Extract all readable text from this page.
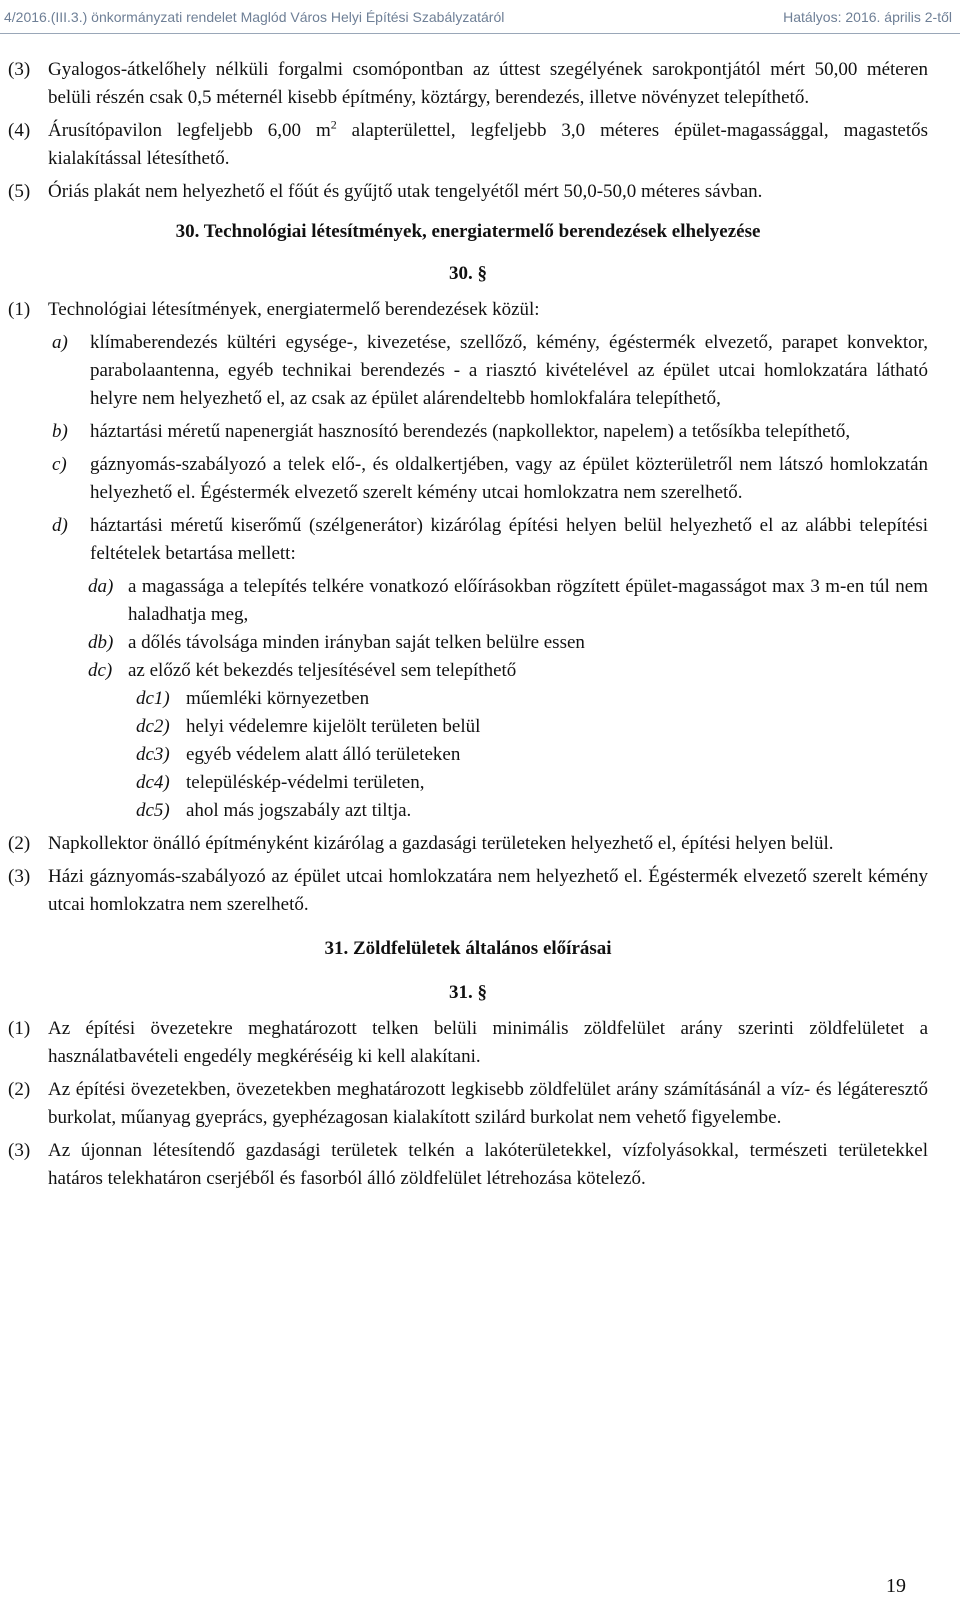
4/2016.(III.3.) önkormányzati rendelet Maglód Város Helyi Építési Szabályzatáról	Hatályos: 2016. április 2-től
(3) Gyalogos-átkelőhely nélküli forgalmi csomópontban az úttest szegélyének sarokpontjától mért 50,00 méteren belüli részén csak 0,5 méternél kisebb építmény, köztárgy, berendezés, illetve növényzet telepíthető.
(4) Árusítópavilon legfeljebb 6,00 $m^2$ alapterülettel, legfeljebb 3,0 méteres épület-magassággal, magastetős kialakítással létesíthető.
(5) Óriás plakát nem helyezhető el főút és gyűjtő utak tengelyétől mért 50,0-50,0 méteres sávban.
30. Technológiai létesítmények, energiatermelő berendezések elhelyezése
30. §
(1) Technológiai létesítmények, energiatermelő berendezések közül:
a)	klímaberendezés kültéri egysége-, kivezetése, szellőző, kémény, égéstermék elvezető, parapet konvektor, parabolaantenna, egyéb technikai berendezés - a riasztó kivételével az épület utcai homlokzatára látható helyre nem helyezhető el, az csak az épület alárendeltebb homlokfalára telepíthető,
b)	háztartási méretű napenergiát hasznosító berendezés (napkollektor, napelem) a tetősíkba telepíthető,
c)	gáznyomás-szabályozó a telek elő-, és oldalkertjében, vagy az épület közterületről nem látszó homlokzatán helyezhető el. Égéstermék elvezető szerelt kémény utcai homlokzatra nem szerelhető.
d)	háztartási méretű kiserőmű (szélgenerátor) kizárólag építési helyen belül helyezhető el az alábbi telepítési feltételek betartása mellett:
da) a magassága a telepítés telkére vonatkozó előírásokban rögzített épület-magasságot max 3 m-en túl nem haladhatja meg,
db) a dőlés távolsága minden irányban saját telken belülre essen
dc) az előző két bekezdés teljesítésével sem telepíthető
dc1) műemléki környezetben
dc2) helyi védelemre kijelölt területen belül
dc3) egyéb védelem alatt álló területeken
dc4) településkép-védelmi területen,
dc5) ahol más jogszabály azt tiltja.
(2) Napkollektor önálló építményként kizárólag a gazdasági területeken helyezhető el, építési helyen belül.
(3) Házi gáznyomás-szabályozó az épület utcai homlokzatára nem helyezhető el. Égéstermék elvezető szerelt kémény utcai homlokzatra nem szerelhető.
31. Zöldfelületek általános előírásai
31. §
(1) Az építési övezetekre meghatározott telken belüli minimális zöldfelület arány szerinti zöldfelületet a használatbavételi engedély megkéréséig ki kell alakítani.
(2) Az építési övezetekben, övezetekben meghatározott legkisebb zöldfelület arány számításánál a víz- és légáteresztő burkolat, műanyag gyeprács, gyephézagosan kialakított szilárd burkolat nem vehető figyelembe.
(3) Az újonnan létesítendő gazdasági területek telkén a lakóterületekkel, vízfolyásokkal, természeti területekkel határos telekhatáron cserjéből és fasorból álló zöldfelület létrehozása kötelező.
19
